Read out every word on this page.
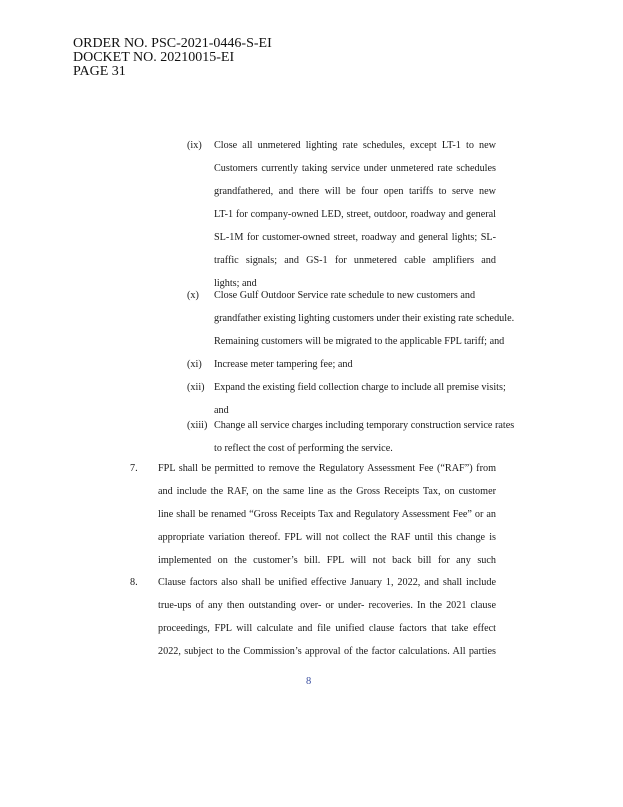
ORDER NO. PSC-2021-0446-S-EI
DOCKET NO. 20210015-EI
PAGE 31
(ix) Close all unmetered lighting rate schedules, except LT-1 to new
Customers currently taking service under unmetered rate schedules
grandfathered, and there will be four open tariffs to serve new
LT-1 for company-owned LED, street, outdoor, roadway and general
SL-1M for customer-owned street, roadway and general lights; SL-
traffic signals; and GS-1 for unmetered cable amplifiers and
lights; and
(x) Close Gulf Outdoor Service rate schedule to new customers and
grandfather existing lighting customers under their existing rate schedule.
Remaining customers will be migrated to the applicable FPL tariff; and
(xi) Increase meter tampering fee; and
(xii) Expand the existing field collection charge to include all premise visits;
and
(xiii) Change all service charges including temporary construction service rates
to reflect the cost of performing the service.
7. FPL shall be permitted to remove the Regulatory Assessment Fee (“RAF”) from
and include the RAF, on the same line as the Gross Receipts Tax, on customer
line shall be renamed “Gross Receipts Tax and Regulatory Assessment Fee” or an
appropriate variation thereof. FPL will not collect the RAF until this change is
implemented on the customer’s bill. FPL will not back bill for any such
8. Clause factors also shall be unified effective January 1, 2022, and shall include
true-ups of any then outstanding over- or under- recoveries. In the 2021 clause
proceedings, FPL will calculate and file unified clause factors that take effect
2022, subject to the Commission’s approval of the factor calculations. All parties
8
